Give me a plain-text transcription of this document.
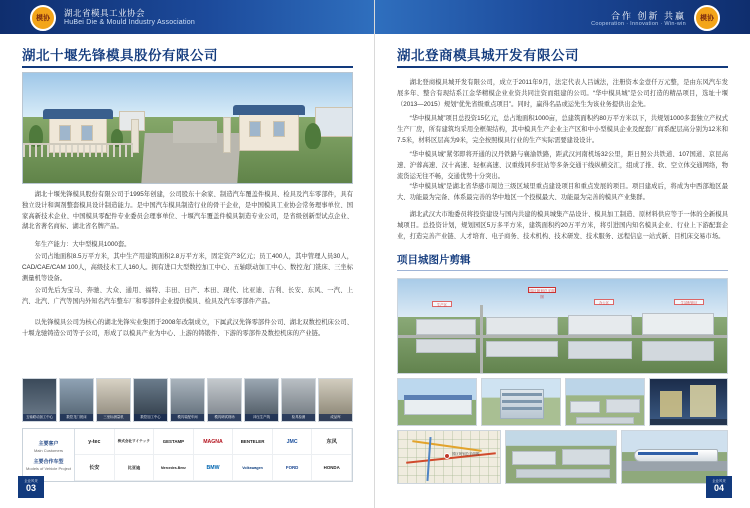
模协 湖北省模具工业协会
HuBei Die & Mould Industry Association
湖北十堰先锋模具股份有限公司

湖北十堰先锋模具股份有限公司于1995年创建，公司股东十余家、制造汽车覆盖件模具、检具及汽车零部件，具有独立设计和调剂整套模具设计制造能力。是中国汽车模具制造行业的骨干企业，是中国模具工业协会常务理事单位、国家高新技术企业、中国模具零配件专业委员会理事单位、十堰汽车覆盖件模具制造专业公司，是省级创新型试点企业、湖北省著名商标、湖北省名牌产品。

年生产能力：大中型模具1000套。

公司占地面积8.5万平方米，其中生产用建筑面积2.8万平方米，固定资产3亿元；员工400人，其中管理人员30人，CAD/CAE/CAM 100人，高级技术工人160人。拥有进口大型数控加工中心、五轴联动加工中心、数控龙门铣床、三坐标测量机等设备。

公司先后为宝马、奔驰、大众、通用、福特、丰田、日产、本田、现代、比亚迪、吉利、长安、东风、一汽、上汽、北汽、广汽等国内外知名汽车整车厂和零部件企业提供模具、检具及汽车零部件产品。

以先锋模具公司为核心的湖北先锋实业集团于2008年改制成立，下属武汉先锋零部件公司、湖北双数控机床公司、十堰龙驰铸造公司等子公司，形成了以模具产业为中心、上游的铸锻件、下游的零部件及数控机床的产业链。

五轴联动加工中心	数控龙门铣床	三坐标测量机	数控加工中心	模具装配车间	模具调试现场	冲压生产线	检具检测	成品库
主要客户
Main Customers
主要合作车型
Models of Vehicle Project
y-tec	株式会社ワイテック	GESTAMP	MAGNA	BENTELER	JMC	东风
长安	比亚迪	Mercedes-Benz	BMW	Volkswagen	FORD	HONDA
企业风采
03
模协
合作 创新 共赢
Cooperation · Innovation · Win-win
湖北登商模具城开发有限公司

湖北登商模具城开发有限公司，成立于2011年9月，法定代表人吕诚法，注册资本金壹仟万元整，是由东风汽车发展多年、整合有现结系江金华精模企业业资共同注资而组建的公司。“华中模具城”是公司打造的精品项目，选址十堰（2013—2015）规划“优先省级重点项目”。同时，赢得名品或运先生为该业务提供出金先。

“华中模具城”项目总投资15亿元，总占地面积1000亩，总建筑面积约80万平方米以下，共规划1000多套独立产权式生产厂房，所有建筑均采用全框架结构，其中模具生产企业主产区和中小型模具企业及配套厂商系配层高分别为12米和7.5米，材料区层高为9米，完全按照模具行业的生产实际需要建设设计。

“华中模具城”紧邻即将开通的汉丹铁路与襄渝铁路，距武汉河南机场32公里，距日照公共铁道、107国道、京昆高速、沪蓉高速、汉十高速、轻枢高速、汉重线同步驻站等多条交通干线纵横交汇，组成了推、软、空立体交通网络，物流货运无往不畅，交通优势十分突出。

“华中模具城”是湖北省华感市周边三级区域里重点建设项目和重点发展的项目。项目建成后，将成为中西部地区最大、功能最为完备、体系最完善的华中地区一个投模最大、功能最为完善的模具产业集群。

湖北武汉大市地委员将投资建设与国内共建的模具城集产品设计、模具加工制造、原材料供应等于一体的全新模具城项目。总投资计划，规划园区5万多平方米，建筑面积约20万平方米，将引进国内知名模具企业、行业上下游配套企业，打造完善产业链、人才培育、电子商务、技术机构、技术研发、技术服务、远程信息一站式新、目机床交易市场。

项目城图片剪辑
园区规划总平面图
生产区	办公区	生活配套区
园区规划总平面图
企业风采
04
